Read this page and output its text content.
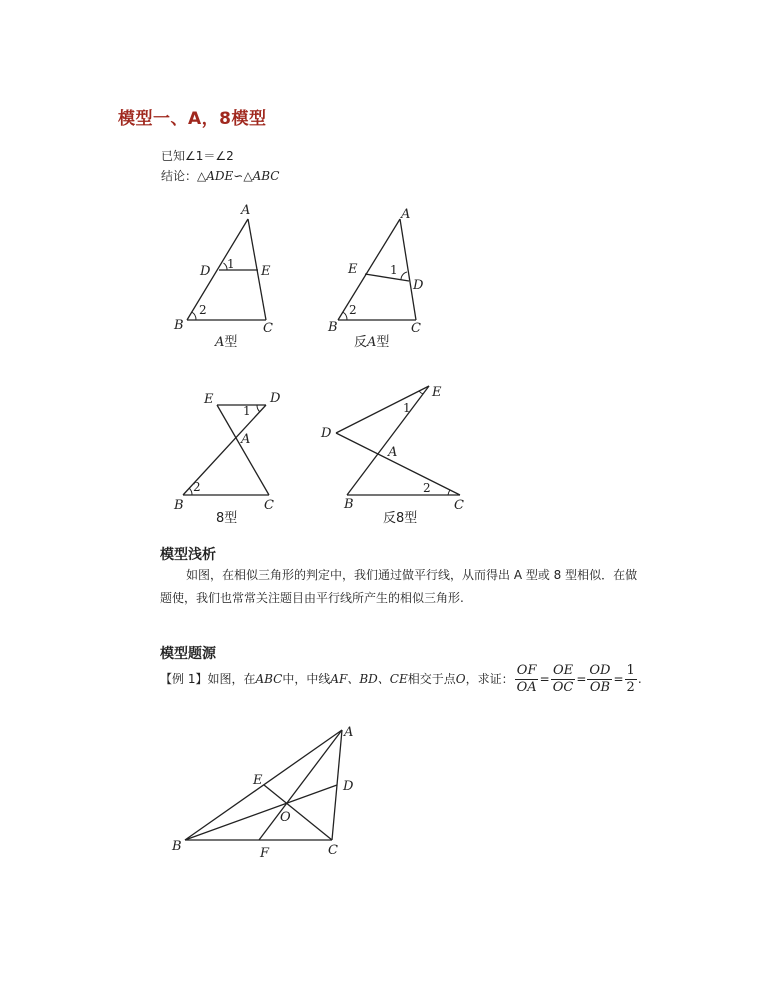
模型一、A，8模型
已知∠1＝∠2
结论：△ADE∽△ABC
A
D	E
B	C
1
2
A型
A
E
D
B	C
1
2
反A型
E	D
A
B	C
1
2
8型
E
D
A
B	C
1
2
反8型
模型浅析
如图，在相似三角形的判定中，我们通过做平行线，从而得出 A 型或 8 型相似．在做
题使，我们也常常关注题目由平行线所产生的相似三角形.
模型题源
【例 1】如图，在 ABC 中，中线 AF、BD、CE 相交于点 O ，求证： $\frac{OF}{OA} = \frac{OE}{OC} = \frac{OD}{OB} = \frac{1}{2}$ .
A
E	D
O
B	F	C
